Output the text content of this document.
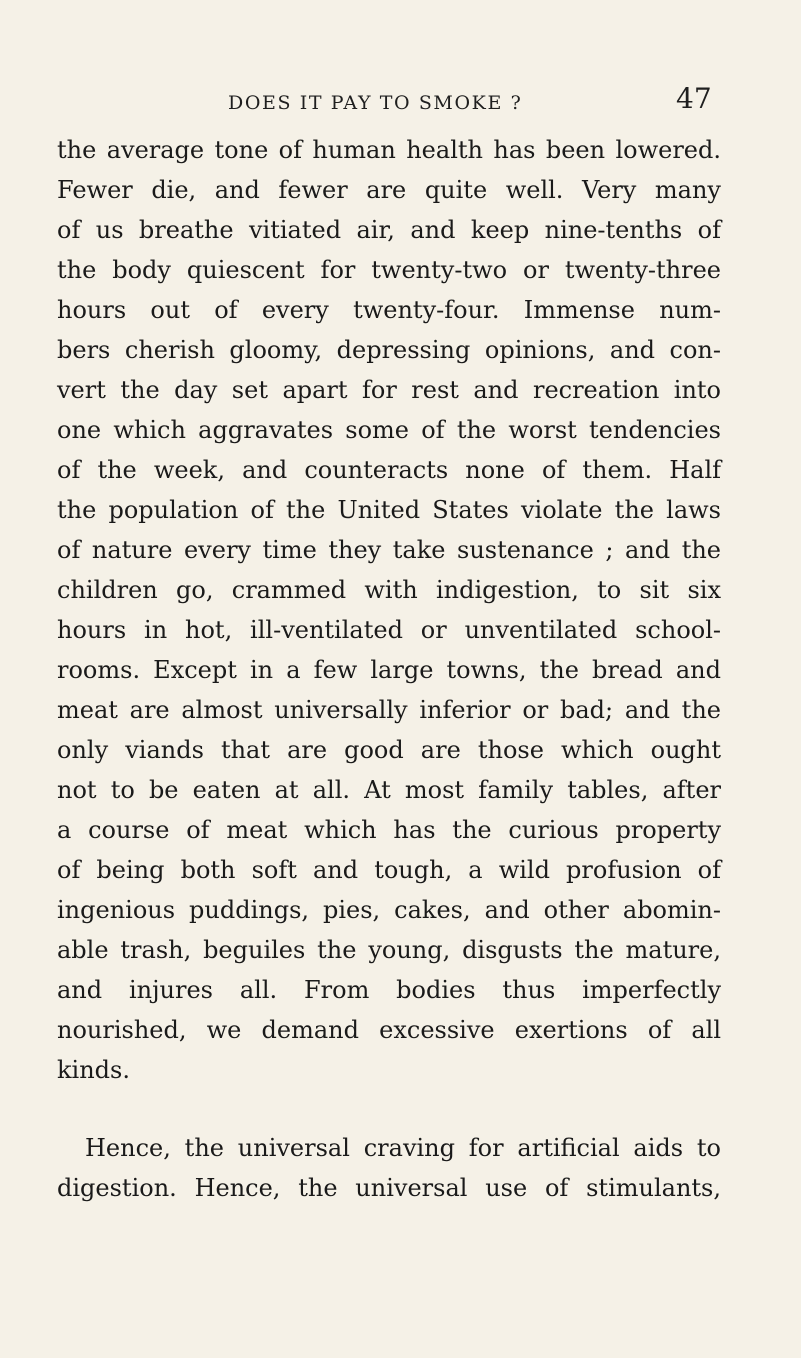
DOES IT PAY TO SMOKE ?	47
the average tone of human health has been lowered.
Fewer die, and fewer are quite well. Very many
of us breathe vitiated air, and keep nine-tenths of
the body quiescent for twenty-two or twenty-three
hours out of every twenty-four. Immense num-
bers cherish gloomy, depressing opinions, and con-
vert the day set apart for rest and recreation into
one which aggravates some of the worst tendencies
of the week, and counteracts none of them. Half
the population of the United States violate the laws
of nature every time they take sustenance ; and the
children go, crammed with indigestion, to sit six
hours in hot, ill-ventilated or unventilated school-
rooms. Except in a few large towns, the bread and
meat are almost universally inferior or bad; and the
only viands that are good are those which ought
not to be eaten at all. At most family tables, after
a course of meat which has the curious property
of being both soft and tough, a wild profusion of
ingenious puddings, pies, cakes, and other abomin-
able trash, beguiles the young, disgusts the mature,
and injures all. From bodies thus imperfectly
nourished, we demand excessive exertions of all
kinds.
Hence, the universal craving for artificial aids to
digestion. Hence, the universal use of stimulants,
